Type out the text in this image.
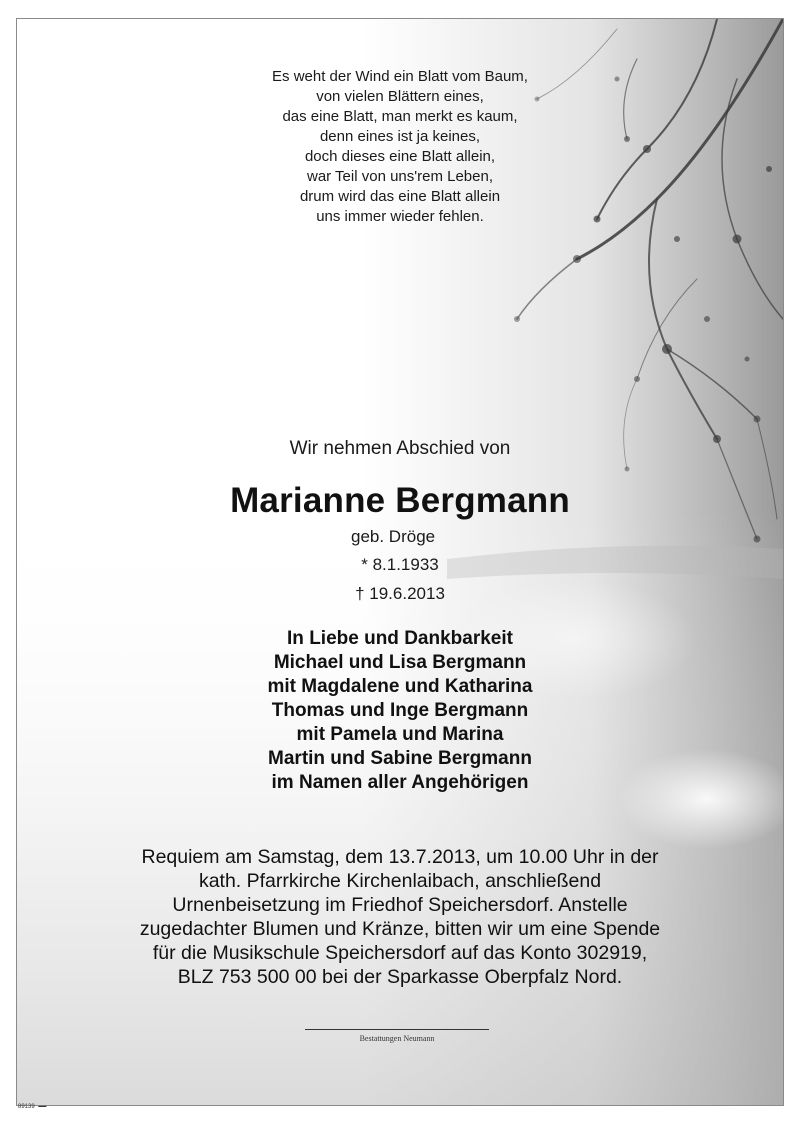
Es weht der Wind ein Blatt vom Baum,
von vielen Blättern eines,
das eine Blatt, man merkt es kaum,
denn eines ist ja keines,
doch dieses eine Blatt allein,
war Teil von uns'rem Leben,
drum wird das eine Blatt allein
uns immer wieder fehlen.
Wir nehmen Abschied von
Marianne Bergmann
geb. Dröge
* 8.1.1933
† 19.6.2013
In Liebe und Dankbarkeit
Michael und Lisa Bergmann
mit Magdalene und Katharina
Thomas und Inge Bergmann
mit Pamela und Marina
Martin und Sabine Bergmann
im Namen aller Angehörigen
Requiem am Samstag, dem 13.7.2013, um 10.00 Uhr in der
kath. Pfarrkirche Kirchenlaibach, anschließend
Urnenbeisetzung im Friedhof Speichersdorf. Anstelle
zugedachter Blumen und Kränze, bitten wir um eine Spende
für die Musikschule Speichersdorf auf das Konto 302919,
BLZ 753 500 00 bei der Sparkasse Oberpfalz Nord.
Bestattungen Neumann
89139 ▬▬
